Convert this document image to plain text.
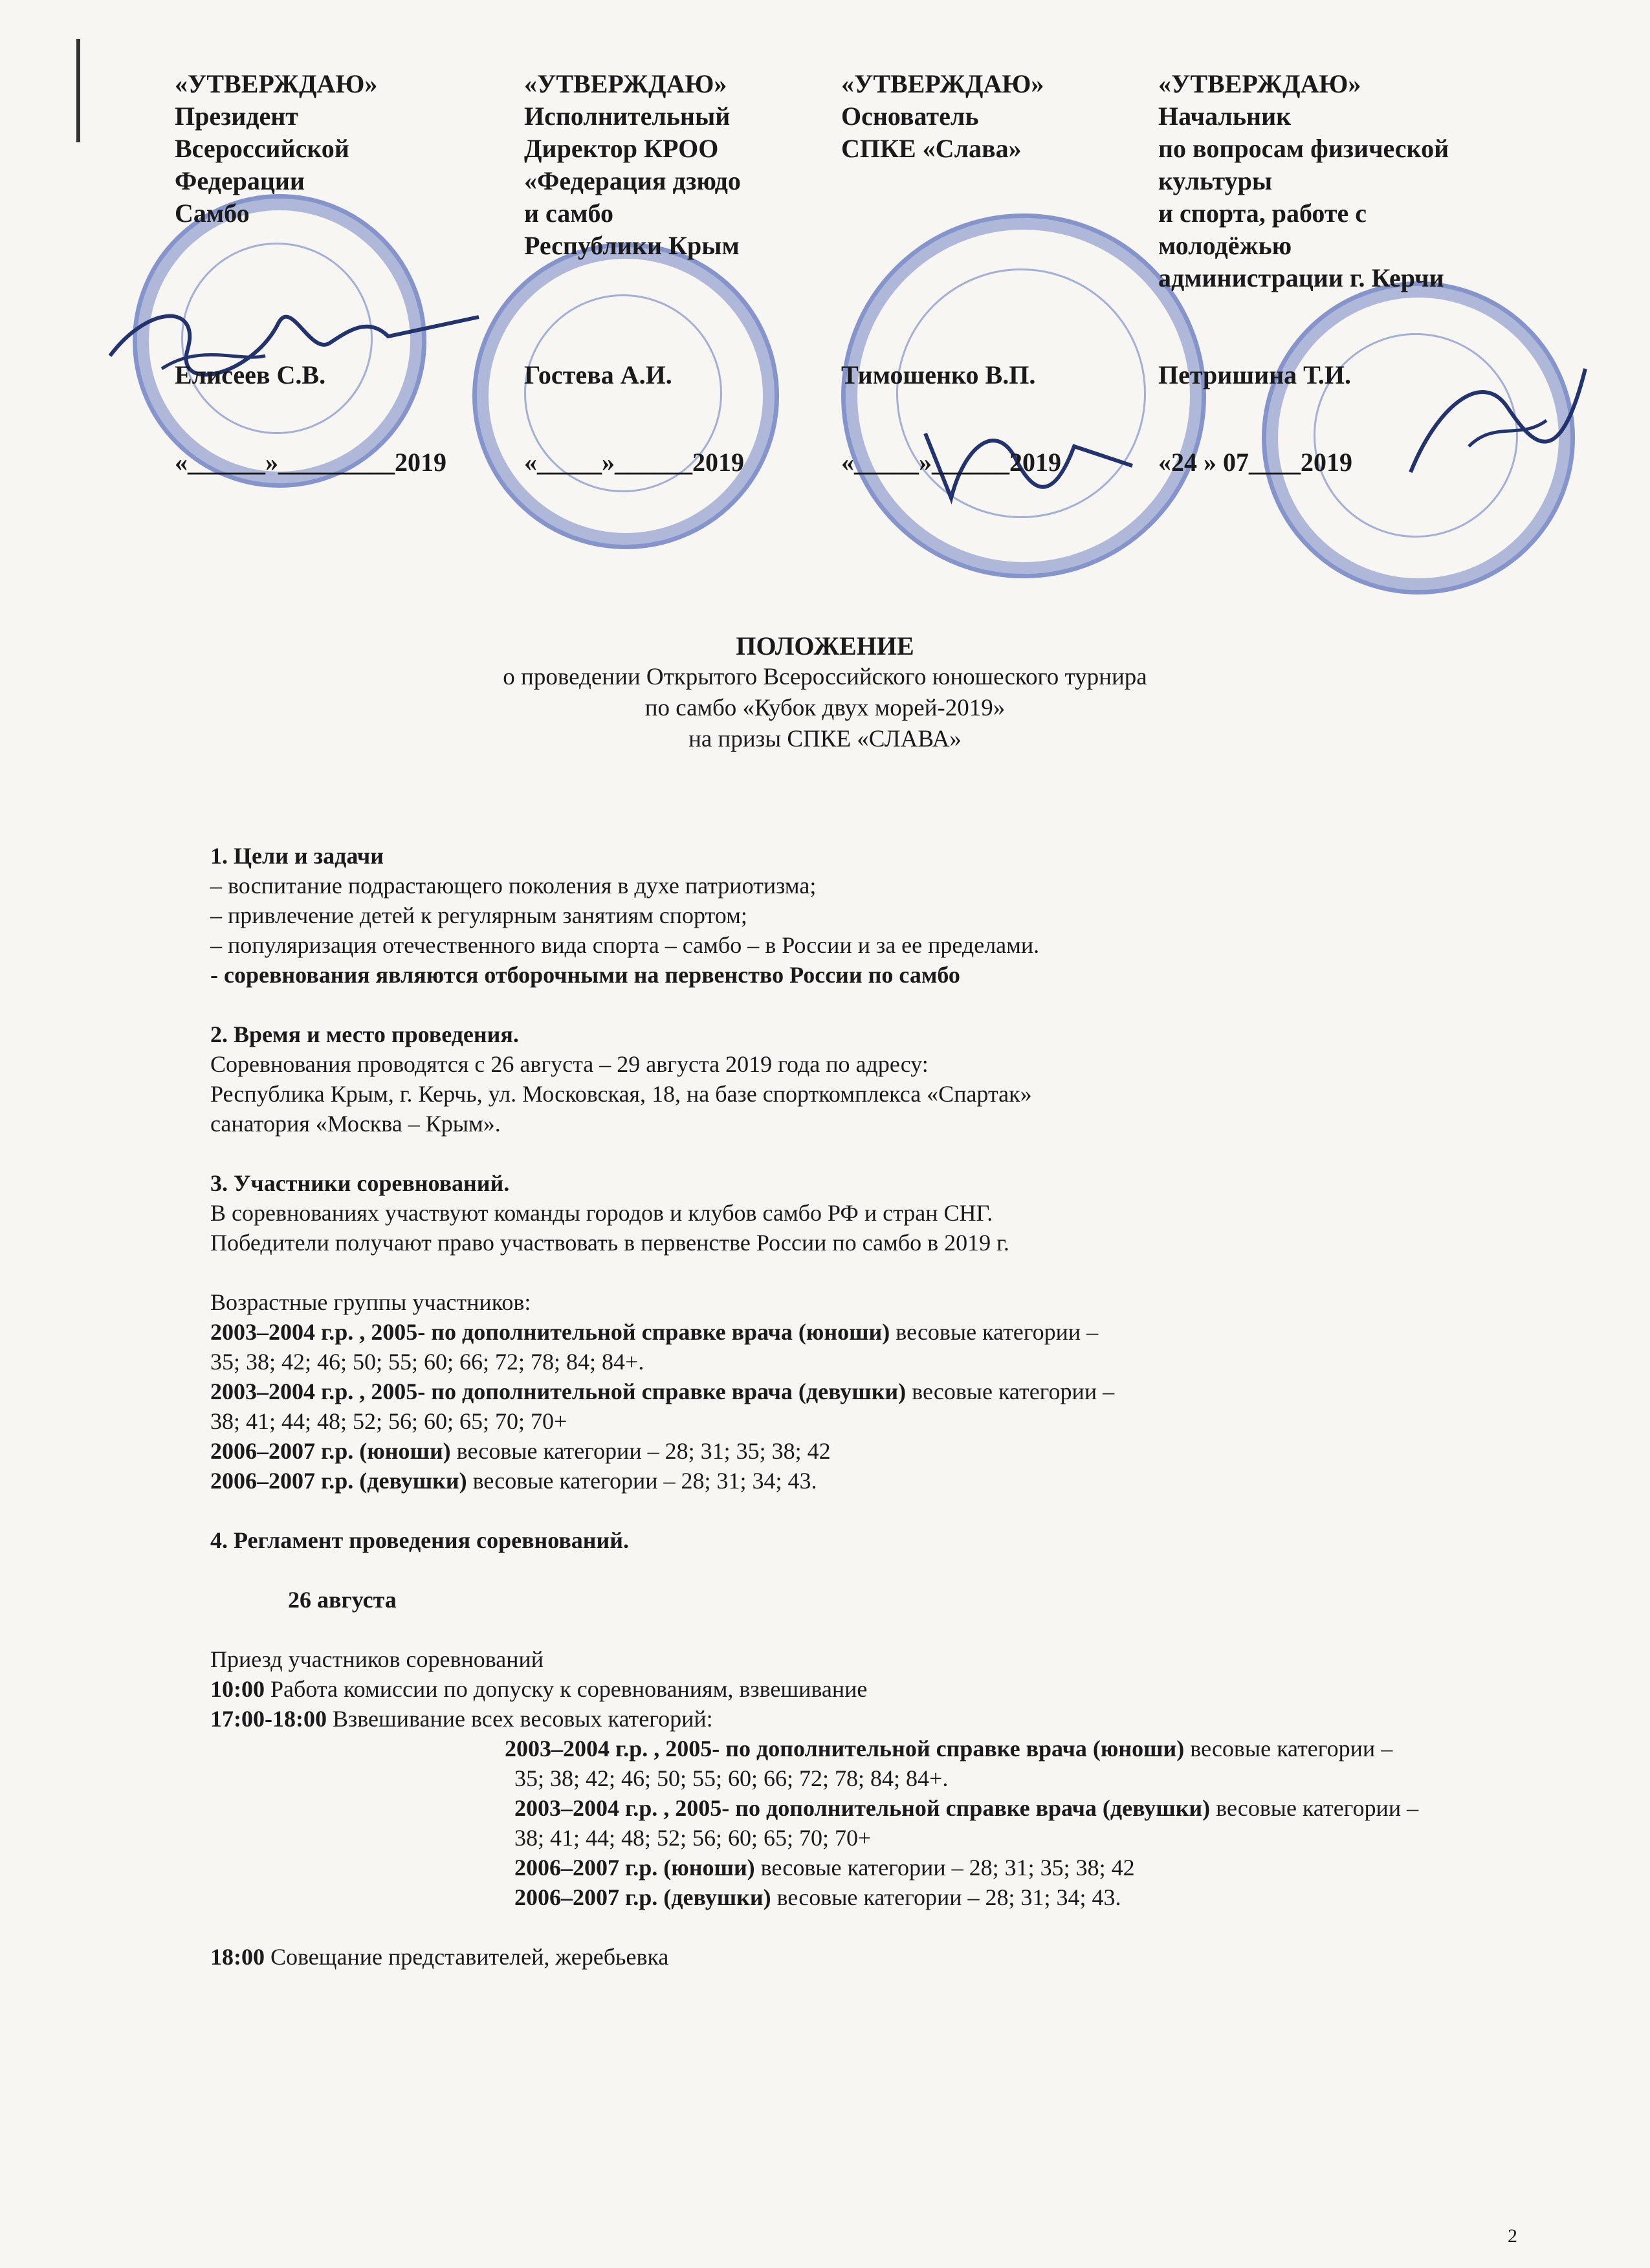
«УТВЕРЖДАЮ»
Президент
Всероссийской
Федерации
Самбо
Елисеев С.В.
«______»_________2019
«УТВЕРЖДАЮ»
Исполнительный
Директор КРОО
«Федерация дзюдо
и самбо
Республики Крым
Гостева А.И.
«_____»______2019
«УТВЕРЖДАЮ»
Основатель
СПКЕ «Слава»
Тимошенко В.П.
«_____»______2019
«УТВЕРЖДАЮ»
Начальник
по вопросам физической
культуры
и спорта, работе с
молодёжью
администрации г. Керчи
Петришина Т.И.
«24 » 07____2019
ПОЛОЖЕНИЕ
о проведении Открытого Всероссийского юношеского турнира
по самбо «Кубок двух морей-2019»
на призы СПКЕ «СЛАВА»

1. Цели и задачи

– воспитание подрастающего поколения в духе патриотизма;

– привлечение детей к регулярным занятиям спортом;

– популяризация отечественного вида спорта – самбо – в России и за ее пределами.

- соревнования являются отборочными на первенство России по самбо

2. Время и место проведения.

Соревнования проводятся с 26 августа – 29 августа 2019 года по адресу:

Республика Крым, г. Керчь, ул. Московская, 18, на базе спорткомплекса «Спартак»

санатория «Москва – Крым».

3. Участники соревнований.

В соревнованиях участвуют команды городов и клубов самбо РФ и стран СНГ.

Победители получают право участвовать в первенстве России по самбо в 2019 г.

Возрастные группы участников:

2003–2004 г.р. , 2005- по дополнительной справке врача (юноши) весовые категории –

35; 38; 42; 46; 50; 55; 60; 66; 72; 78; 84; 84+.

2003–2004 г.р. , 2005- по дополнительной справке врача (девушки) весовые категории –

38; 41; 44; 48; 52; 56; 60; 65; 70; 70+

2006–2007 г.р. (юноши) весовые категории – 28; 31; 35; 38; 42

2006–2007 г.р. (девушки) весовые категории – 28; 31; 34; 43.

4. Регламент проведения соревнований.

26 августа

Приезд участников соревнований

10:00 Работа комиссии по допуску к соревнованиям, взвешивание

17:00-18:00 Взвешивание всех весовых категорий:

2003–2004 г.р. , 2005- по дополнительной справке врача (юноши) весовые категории –

35; 38; 42; 46; 50; 55; 60; 66; 72; 78; 84; 84+.

2003–2004 г.р. , 2005- по дополнительной справке врача (девушки) весовые категории –

38; 41; 44; 48; 52; 56; 60; 65; 70; 70+

2006–2007 г.р. (юноши) весовые категории – 28; 31; 35; 38; 42

2006–2007 г.р. (девушки) весовые категории – 28; 31; 34; 43.

18:00 Совещание представителей, жеребьевка

2
